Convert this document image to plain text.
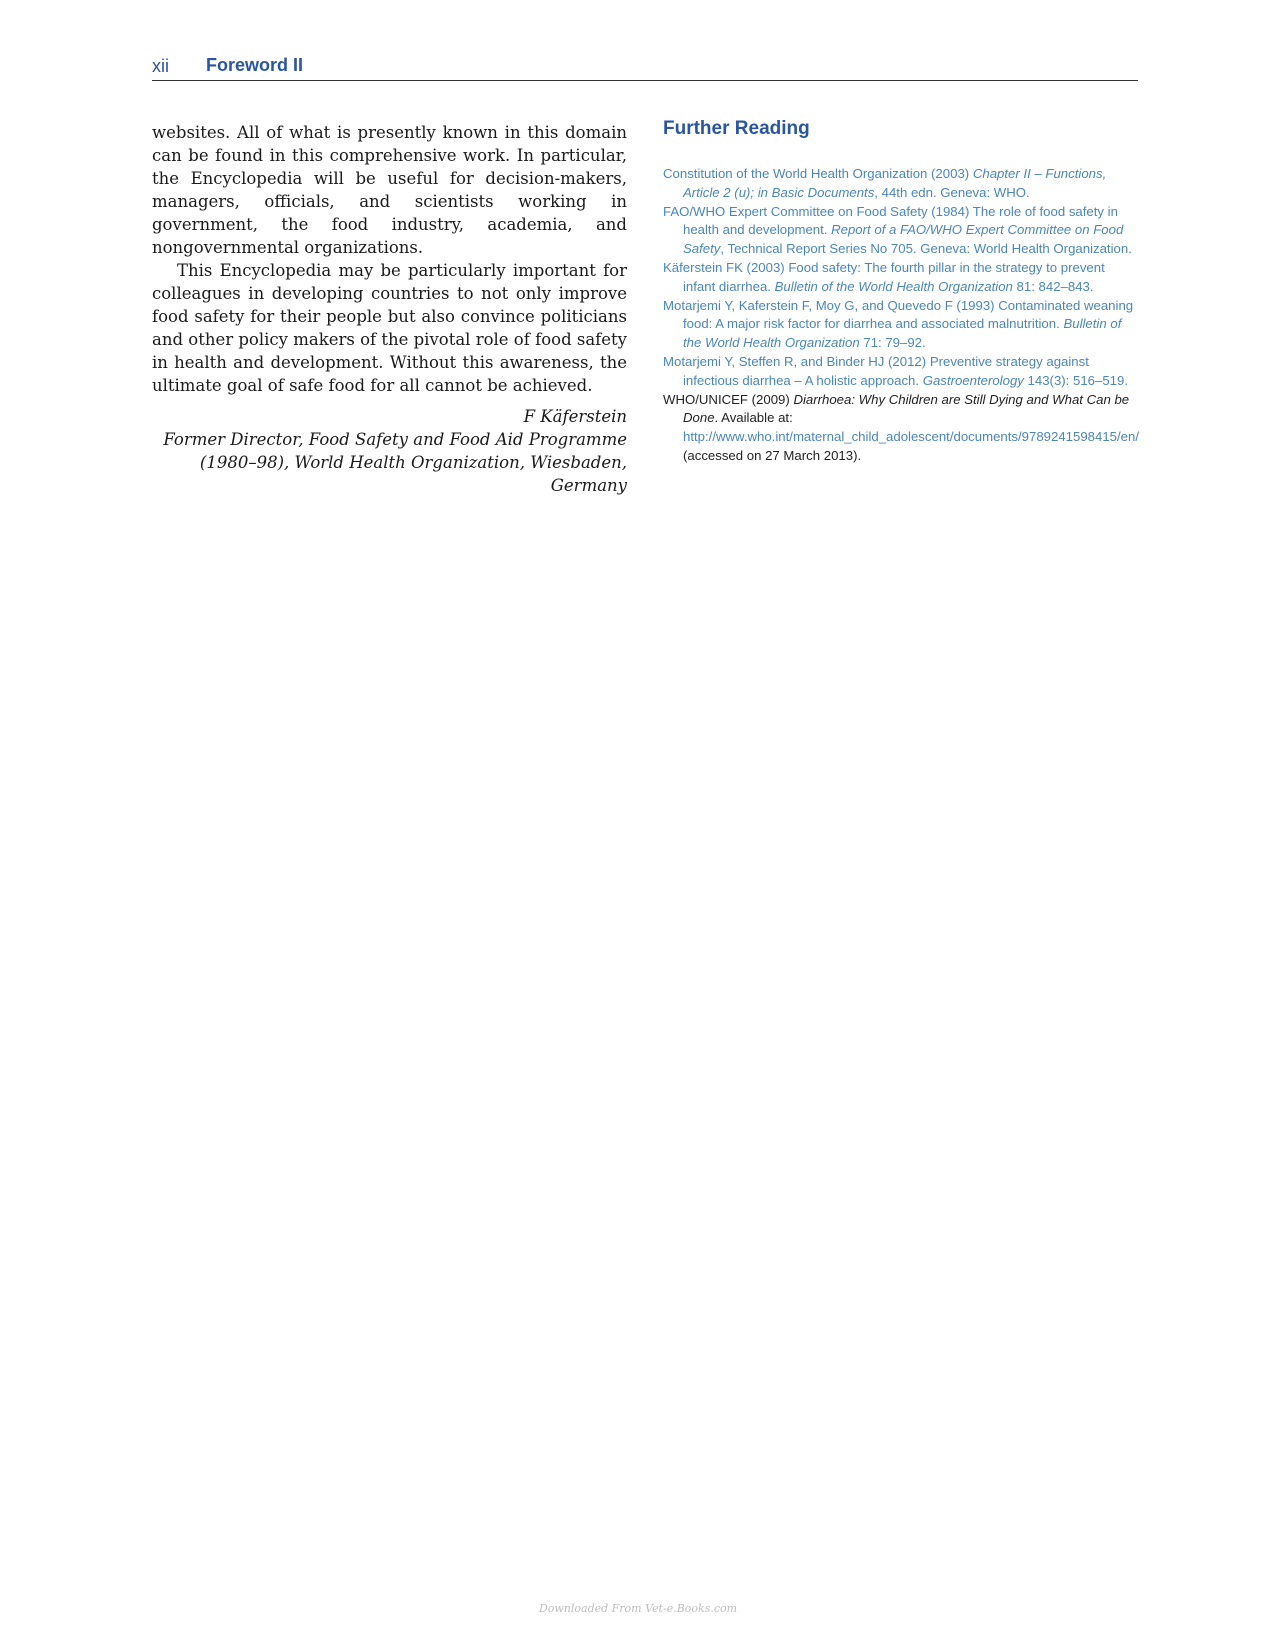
xii Foreword II

websites. All of what is presently known in this domain can be found in this comprehensive work. In particular, the Encyclopedia will be useful for decision-makers, managers, officials, and scientists working in government, the food industry, academia, and nongovernmental organizations.

This Encyclopedia may be particularly important for colleagues in developing countries to not only improve food safety for their people but also convince politicians and other policy makers of the pivotal role of food safety in health and development. Without this awareness, the ultimate goal of safe food for all cannot be achieved.

F Käferstein
Former Director, Food Safety and Food Aid Programme
(1980–98), World Health Organization, Wiesbaden, Germany
Further Reading
Constitution of the World Health Organization (2003) Chapter II – Functions, Article 2 (u); in Basic Documents, 44th edn. Geneva: WHO.
FAO/WHO Expert Committee on Food Safety (1984) The role of food safety in health and development. Report of a FAO/WHO Expert Committee on Food Safety, Technical Report Series No 705. Geneva: World Health Organization.
Käferstein FK (2003) Food safety: The fourth pillar in the strategy to prevent infant diarrhea. Bulletin of the World Health Organization 81: 842–843.
Motarjemi Y, Kaferstein F, Moy G, and Quevedo F (1993) Contaminated weaning food: A major risk factor for diarrhea and associated malnutrition. Bulletin of the World Health Organization 71: 79–92.
Motarjemi Y, Steffen R, and Binder HJ (2012) Preventive strategy against infectious diarrhea – A holistic approach. Gastroenterology 143(3): 516–519.
WHO/UNICEF (2009) Diarrhoea: Why Children are Still Dying and What Can be Done. Available at: http://www.who.int/maternal_child_adolescent/documents/9789241598415/en/ (accessed on 27 March 2013).
Downloaded From Vet-e.Books.com
